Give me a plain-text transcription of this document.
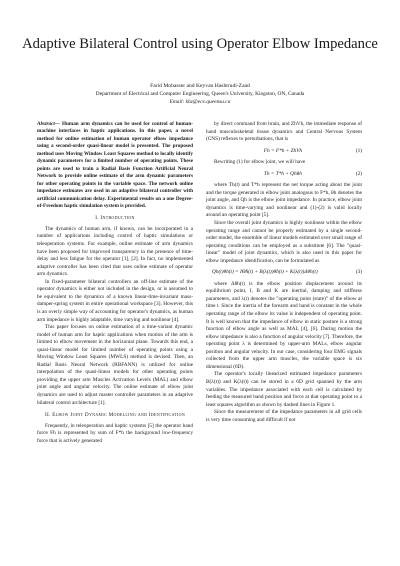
Adaptive Bilateral Control using Operator Elbow Impedance
Farid Mobasser and Keyvan Hashtrudi-Zaad
Department of Electrical and Computer Engineering, Queen's University, Kingston, ON, Canada
Email: khz@ece.queensu.ca
Abstract— Human arm dynamics can be used for control of human-machine interfaces in haptic applications. In this paper, a novel method for online estimation of human operator elbow impedance using a second-order quasi-linear model is presented. The proposed method uses Moving Window Least Squares method to locally identify dynamic parameters for a limited number of operating points. These points are used to train a Radial Basis Function Artificial Neural Network to provide online estimate of the arm dynamic parameters for other operating points in the variable space. The network online impedance estimates are used in an adaptive bilateral controller with artificial communication delay. Experimental results on a one Degree-of-Freedom haptic simulation system is provided.
I. Introduction

The dynamics of human arm, if known, can be incorporated in a number of applications including control of haptic simulations or teleoperation systems. For example, online estimate of arm dynamics have been proposed for improved transparency in the presence of time-delay and less fatigue for the operator [1], [2]. In fact, no implemented adaptive controller has been cited that uses online estimate of operator arm dynamics.

In fixed-parameter bilateral controllers an off-line estimate of the operator dynamics is either not included in the design, or is assumed to be equivalent to the dynamics of a known linear-time-invariant mass-damper-spring system in entire operational workspace [3]. However, this is an overly simple way of accounting for operator's dynamics, as human arm impedance is highly adaptable, time varying and nonlinear [4].

This paper focuses on online estimation of a time-variant dynamic model of human arm for haptic applications when motion of the arm is limited to elbow movement in the horizontal plane. Towards this end, a quasi-linear model for limited number of operating points using a Moving Window Least Squares (MWLS) method is devised. Then, an Radial Basis Neural Network (RBFANN) is utilized for online interpolation of the quasi-linear models for other operating points providing the upper arm Muscles Activation Levels (MAL) and elbow joint angle and angular velocity. The online estimate of elbow joint dynamics are used to adjust master controller parameters in an adaptive bilateral control architecture [1].

II. Elbow Joint Dynamic Modelling and Identification

Frequently, in teleoperation and haptic systems [5] the operator hand force Fh is represented by sum of F*h the background low-frequency force that is actively generated

by direct command from brain, and ZhVh, the immediate response of hand musculoskeletal tissue dynamics and Central Nervous System (CNS) reflexes to perturbations, that is

Fh = F*h + ZhVh	(1)

Rewriting (1) for elbow joint, we will have

Th = T*h + Qhθh	(2)

where Th(t) and T*h represent the net torque acting about the joint and the torque generated in elbow joint analogous to F*h, θh denotes the joint angle, and Qh is the elbow joint impedance. In practice, elbow joint dynamics is time-varying and nonlinear and (1)-(2) is valid locally around an operating point [5].

Since the overall joint dynamics is highly nonlinear within the elbow operating range and cannot be properly estimated by a single second-order model, the ensemble of linear models estimated over small range of operating conditions can be employed as a substitute [6]. The "quasi-linear" model of joint dynamics, which is also used in this paper for elbow impedance identification, can be formulated as

Qh(t)θh(t) = IΘ̈h(t) + B(λ(t))θ̇h(t) + K(λ(t))Δθh(t)	(3)

where Δθh(t) is the elbow position displacement around its equilibrium point, I, B and K are inertial, damping and stiffness parameters, and λ(t) denotes the "operating point (state)" of the elbow at time t. Since the inertia of the forearm and hand is constant in the whole operating range of the elbow its value is independent of operating point. It is well known that the impedance of elbow in static posture is a strong function of elbow angle as well as MAL [4], [6]. During motion the elbow impedance is also a function of angular velocity [7]. Therefore, the operating point λ is determined by upper-arm MALs, elbow angular position and angular velocity. In our case, considering four EMG signals collected from the upper arm muscles, the variable space is six dimensional (6D).

The operator's locally linearized estimated impedance parameters B(λ(t)) and K(λ(t)) can be stored in a 6D grid spanned by the arm variables. The impedance associated with each cell is calculated by feeding the measured hand position and force at that operating point to a least squares algorithm as shown by dashed lines in Figure 1.

Since the measurement of the impedance parameters in all grid cells is very time consuming and difficult if not
